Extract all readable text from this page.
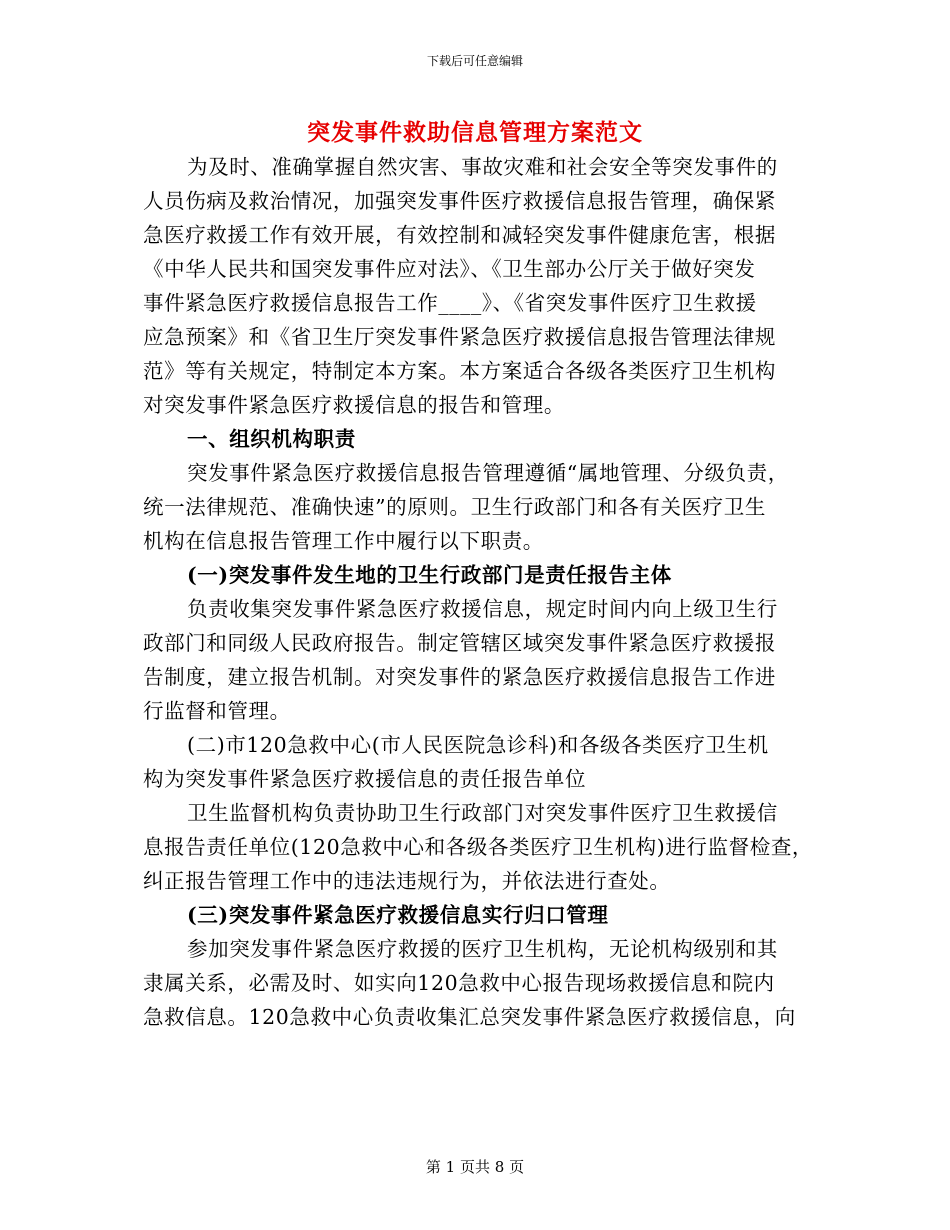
下载后可任意编辑
突发事件救助信息管理方案范文
为及时、准确掌握自然灾害、事故灾难和社会安全等突发事件的
人员伤病及救治情况，加强突发事件医疗救援信息报告管理，确保紧
急医疗救援工作有效开展，有效控制和减轻突发事件健康危害，根据
《中华人民共和国突发事件应对法》、《卫生部办公厅关于做好突发
事件紧急医疗救援信息报告工作____》、《省突发事件医疗卫生救援
应急预案》和《省卫生厅突发事件紧急医疗救援信息报告管理法律规
范》等有关规定，特制定本方案。本方案适合各级各类医疗卫生机构
对突发事件紧急医疗救援信息的报告和管理。
一、组织机构职责
突发事件紧急医疗救援信息报告管理遵循“属地管理、分级负责，
统一法律规范、准确快速”的原则。卫生行政部门和各有关医疗卫生
机构在信息报告管理工作中履行以下职责。
(一)突发事件发生地的卫生行政部门是责任报告主体
负责收集突发事件紧急医疗救援信息，规定时间内向上级卫生行
政部门和同级人民政府报告。制定管辖区域突发事件紧急医疗救援报
告制度，建立报告机制。对突发事件的紧急医疗救援信息报告工作进
行监督和管理。
(二)市120急救中心(市人民医院急诊科)和各级各类医疗卫生机
构为突发事件紧急医疗救援信息的责任报告单位
卫生监督机构负责协助卫生行政部门对突发事件医疗卫生救援信
息报告责任单位(120急救中心和各级各类医疗卫生机构)进行监督检查，
纠正报告管理工作中的违法违规行为，并依法进行查处。
(三)突发事件紧急医疗救援信息实行归口管理
参加突发事件紧急医疗救援的医疗卫生机构，无论机构级别和其
隶属关系，必需及时、如实向120急救中心报告现场救援信息和院内
急救信息。120急救中心负责收集汇总突发事件紧急医疗救援信息，向
第 1 页共 8 页
